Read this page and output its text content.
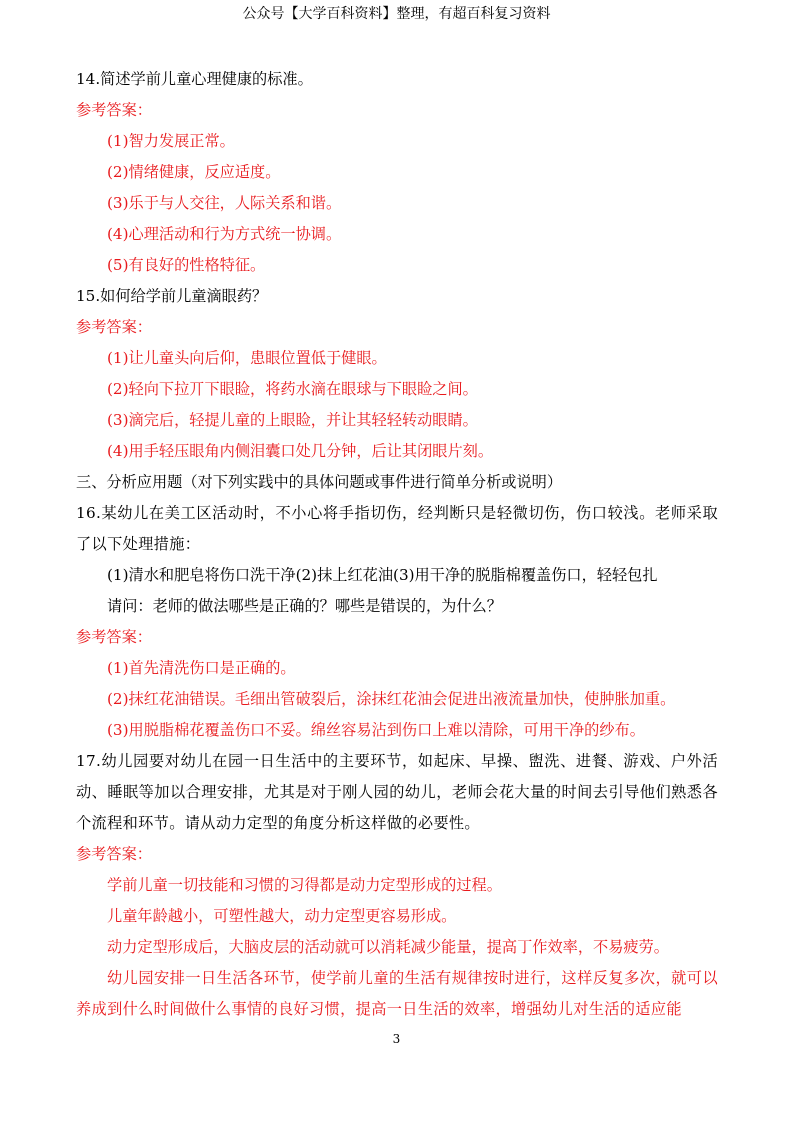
公众号【大学百科资料】整理，有超百科复习资料
14.简述学前儿童心理健康的标准。
参考答案：
(1)智力发展正常。
(2)情绪健康，反应适度。
(3)乐于与人交往，人际关系和谐。
(4)心理活动和行为方式统一协调。
(5)有良好的性格特征。
15.如何给学前儿童滴眼药？
参考答案：
(1)让儿童头向后仰，患眼位置低于健眼。
(2)轻向下拉丌下眼睑，将药水滴在眼球与下眼睑之间。
(3)滴完后，轻提儿童的上眼睑，并让其轻轻转动眼睛。
(4)用手轻压眼角内侧泪囊口处几分钟，后让其闭眼片刻。
三、分析应用题（对下列实践中的具体问题或事件进行简单分析或说明）
16.某幼儿在美工区活动时，不小心将手指切伤，经判断只是轻微切伤，伤口较浅。老师采取了以下处理措施：
(1)清水和肥皂将伤口洗干净(2)抹上红花油(3)用干净的脱脂棉覆盖伤口，轻轻包扎
请问：老师的做法哪些是正确的？哪些是错误的，为什么？
参考答案：
(1)首先清洗伤口是正确的。
(2)抹红花油错误。毛细出管破裂后，涂抹红花油会促进出液流量加快，使肿胀加重。
(3)用脱脂棉花覆盖伤口不妥。绵丝容易沾到伤口上难以清除，可用干净的纱布。
17.幼儿园要对幼儿在园一日生活中的主要环节，如起床、早操、盥洗、进餐、游戏、户外活动、睡眠等加以合理安排，尤其是对于刚人园的幼儿，老师会花大量的时间去引导他们熟悉各个流程和环节。请从动力定型的角度分析这样做的必要性。
参考答案：
学前儿童一切技能和习惯的习得都是动力定型形成的过程。
儿童年龄越小，可塑性越大，动力定型更容易形成。
动力定型形成后，大脑皮层的活动就可以消耗减少能量，提高丁作效率，不易疲劳。
幼儿园安排一日生活各环节，使学前儿童的生活有规律按时进行，这样反复多次，就可以养成到什么时间做什么事情的良好习惯，提高一日生活的效率，增强幼儿对生活的适应能
3
